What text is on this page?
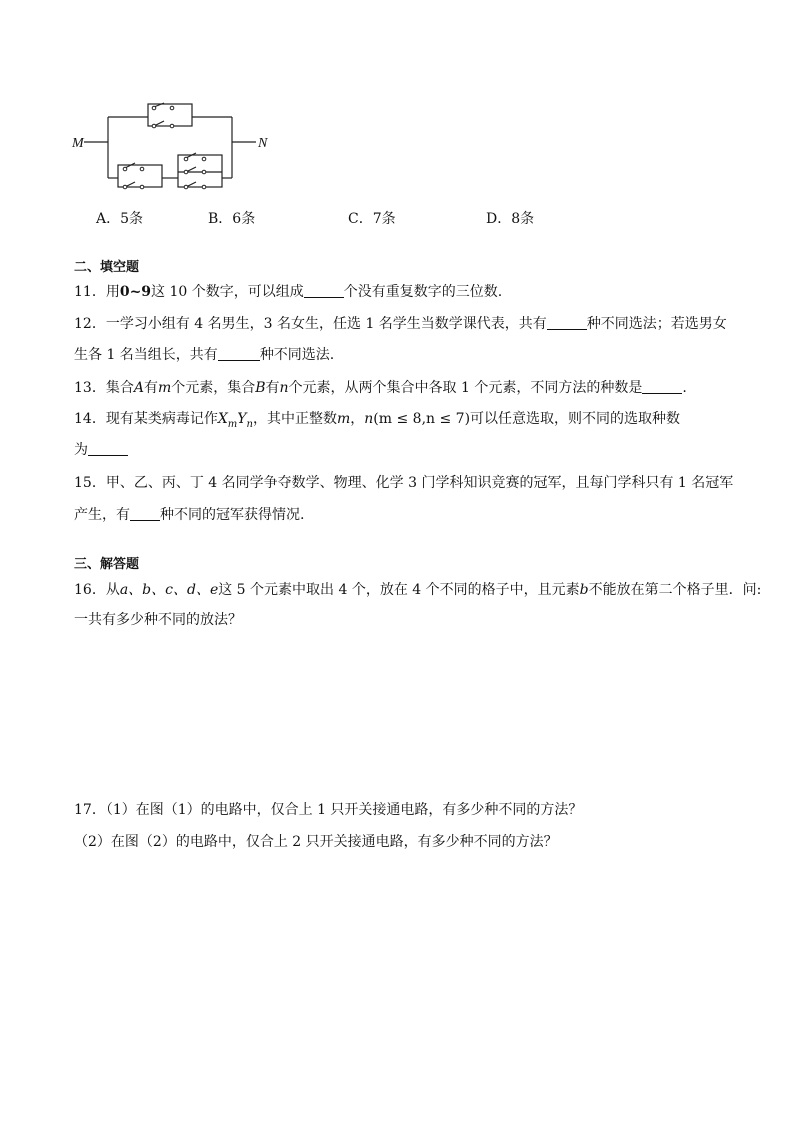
M	N
A．5条	B．6条	C．7条	D．8条
二、填空题
11．用0~9这 10 个数字，可以组成	个没有重复数字的三位数.
12．一学习小组有 4 名男生，3 名女生，任选 1 名学生当数学课代表，共有	种不同选法；若选男女
生各 1 名当组长，共有	种不同选法.
13．集合A有m个元素，集合B有n个元素，从两个集合中各取 1 个元素，不同方法的种数是	.
14．现有某类病毒记作$X_mY_n$，其中正整数m，n(m ≤ 8,n ≤ 7)可以任意选取，则不同的选取种数
为
15．甲、乙、丙、丁 4 名同学争夺数学、物理、化学 3 门学科知识竞赛的冠军，且每门学科只有 1 名冠军
产生，有 种不同的冠军获得情况.
三、解答题
16．从a、b、c、d、e这 5 个元素中取出 4 个，放在 4 个不同的格子中，且元素b不能放在第二个格子里．问:
一共有多少种不同的放法？
17．（1）在图（1）的电路中，仅合上 1 只开关接通电路，有多少种不同的方法？
（2）在图（2）的电路中，仅合上 2 只开关接通电路，有多少种不同的方法？
